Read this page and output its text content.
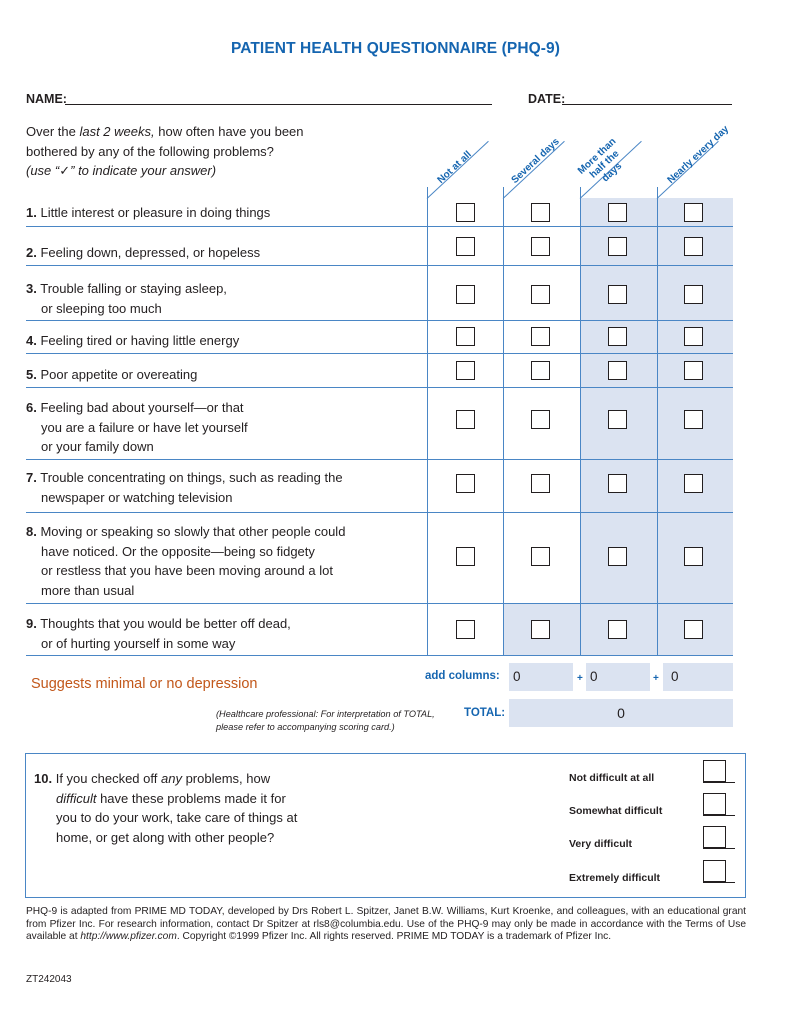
PATIENT HEALTH QUESTIONNAIRE (PHQ-9)
NAME:	DATE:
Over the last 2 weeks, how often have you been
bothered by any of the following problems?
(use “✓” to indicate your answer)	Not at all	Several days	More than half the days	Nearly every day
1. Little interest or pleasure in doing things
2. Feeling down, depressed, or hopeless
3. Trouble falling or staying asleep,
or sleeping too much
4. Feeling tired or having little energy
5. Poor appetite or overeating
6. Feeling bad about yourself—or that
you are a failure or have let yourself
or your family down
7. Trouble concentrating on things, such as reading the
newspaper or watching television
8. Moving or speaking so slowly that other people could
have noticed. Or the opposite—being so fidgety
or restless that you have been moving around a lot
more than usual
9. Thoughts that you would be better off dead,
or of hurting yourself in some way
Suggests minimal or no depression	add columns: 0	+ 0	+ 0
(Healthcare professional: For interpretation of TOTAL,
please refer to accompanying scoring card.)
TOTAL:	0
10. If you checked off any problems, how
difficult have these problems made it for
you to do your work, take care of things at
home, or get along with other people?
Not difficult at all
Somewhat difficult
Very difficult
Extremely difficult
PHQ-9 is adapted from PRIME MD TODAY, developed by Drs Robert L. Spitzer, Janet B.W. Williams, Kurt Kroenke, and colleagues, with an educational grant from Pfizer Inc. For research information, contact Dr Spitzer at rls8@columbia.edu. Use of the PHQ-9 may only be made in accordance with the Terms of Use available at http://www.pfizer.com. Copyright ©1999 Pfizer Inc. All rights reserved. PRIME MD TODAY is a trademark of Pfizer Inc.
ZT242043
